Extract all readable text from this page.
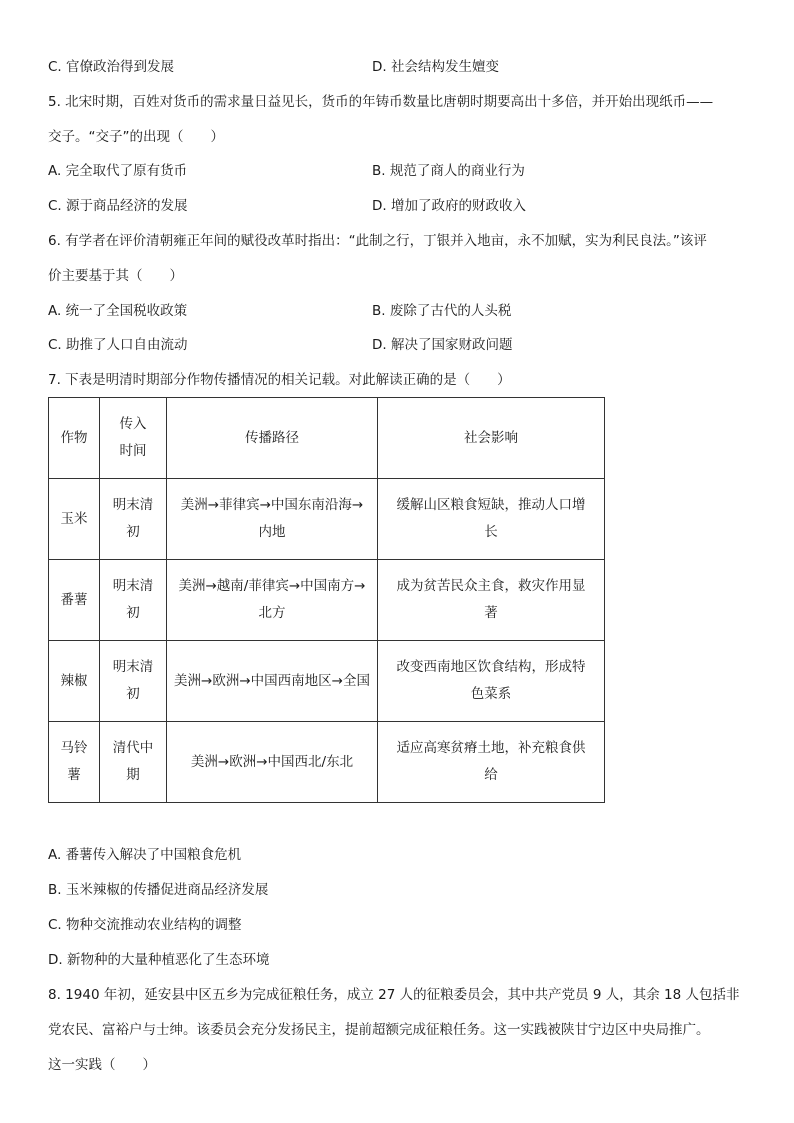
C. 官僚政治得到发展	D. 社会结构发生嬗变
5. 北宋时期，百姓对货币的需求量日益见长，货币的年铸币数量比唐朝时期要高出十多倍，并开始出现纸币——
交子。“交子”的出现（　　）
A. 完全取代了原有货币	B. 规范了商人的商业行为
C. 源于商品经济的发展	D. 增加了政府的财政收入
6. 有学者在评价清朝雍正年间的赋役改革时指出：“此制之行，丁银并入地亩，永不加赋，实为利民良法。”该评
价主要基于其（　　）
A. 统一了全国税收政策	B. 废除了古代的人头税
C. 助推了人口自由流动	D. 解决了国家财政问题
7. 下表是明清时期部分作物传播情况的相关记载。对此解读正确的是（　　）
作物	传入时间	传播路径	社会影响
玉米	明末清初	美洲→菲律宾→中国东南沿海→内地	缓解山区粮食短缺，推动人口增长
番薯	明末清初	美洲→越南/菲律宾→中国南方→北方	成为贫苦民众主食，救灾作用显著
辣椒	明末清初	美洲→欧洲→中国西南地区→全国	改变西南地区饮食结构，形成特色菜系
马铃薯	清代中期	美洲→欧洲→中国西北/东北	适应高寒贫瘠土地，补充粮食供给
A. 番薯传入解决了中国粮食危机
B. 玉米辣椒的传播促进商品经济发展
C. 物种交流推动农业结构的调整
D. 新物种的大量种植恶化了生态环境
8. 1940 年初，延安县中区五乡为完成征粮任务，成立 27 人的征粮委员会，其中共产党员 9 人，其余 18 人包括非
党农民、富裕户与士绅。该委员会充分发扬民主，提前超额完成征粮任务。这一实践被陕甘宁边区中央局推广。
这一实践（　　）
